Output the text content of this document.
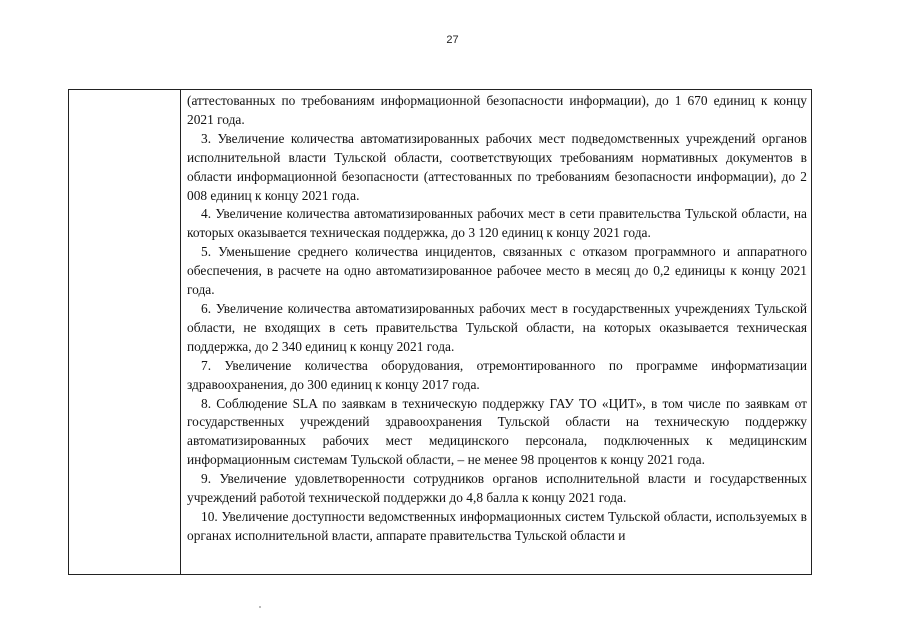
27

(аттестованных по требованиям информационной безопасности информации), до 1 670 единиц к концу 2021 года.

3. Увеличение количества автоматизированных рабочих мест подведомственных учреждений органов исполнительной власти Тульской области, соответствующих требованиям нормативных документов в области информационной безопасности (аттестованных по требованиям безопасности информации), до 2 008 единиц к концу 2021 года.

4. Увеличение количества автоматизированных рабочих мест в сети правительства Тульской области, на которых оказывается техническая поддержка, до 3 120 единиц к концу 2021 года.

5. Уменьшение среднего количества инцидентов, связанных с отказом программного и аппаратного обеспечения, в расчете на одно автоматизированное рабочее место в месяц до 0,2 единицы к концу 2021 года.

6. Увеличение количества автоматизированных рабочих мест в государственных учреждениях Тульской области, не входящих в сеть правительства Тульской области, на которых оказывается техническая поддержка, до 2 340 единиц к концу 2021 года.

7. Увеличение количества оборудования, отремонтированного по программе информатизации здравоохранения, до 300 единиц к концу 2017 года.

8. Соблюдение SLA по заявкам в техническую поддержку ГАУ ТО «ЦИТ», в том числе по заявкам от государственных учреждений здравоохранения Тульской области на техническую поддержку автоматизированных рабочих мест медицинского персонала, подключенных к медицинским информационным системам Тульской области, – не менее 98 процентов к концу 2021 года.

9. Увеличение удовлетворенности сотрудников органов исполнительной власти и государственных учреждений работой технической поддержки до 4,8 балла к концу 2021 года.

10. Увеличение доступности ведомственных информационных систем Тульской области, используемых в органах исполнительной власти, аппарате правительства Тульской области и
